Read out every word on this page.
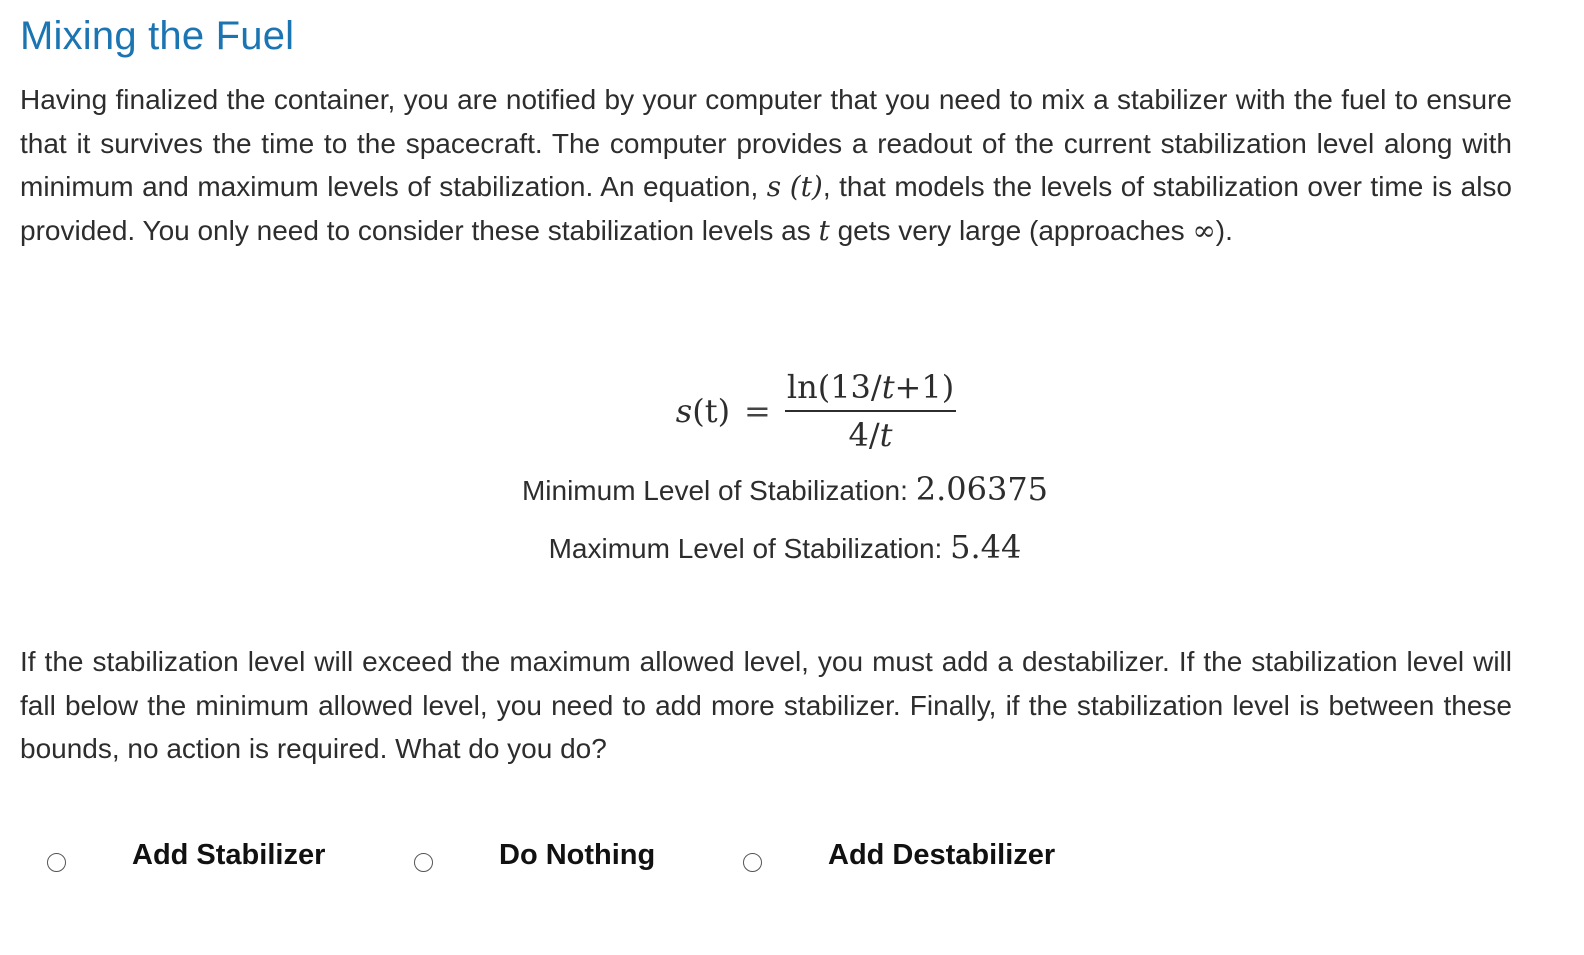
Mixing the Fuel
Having finalized the container, you are notified by your computer that you need to mix a stabilizer with the fuel to ensure that it survives the time to the spacecraft. The computer provides a readout of the current stabilization level along with minimum and maximum levels of stabilization. An equation, s (t), that models the levels of stabilization over time is also provided. You only need to consider these stabilization levels as t gets very large (approaches ∞).
$s(t) = \frac{\ln(13/t+1)}{4/t}$
Minimum Level of Stabilization: 2.06375
Maximum Level of Stabilization: 5.44
If the stabilization level will exceed the maximum allowed level, you must add a destabilizer. If the stabilization level will fall below the minimum allowed level, you need to add more stabilizer. Finally, if the stabilization level is between these bounds, no action is required. What do you do?
Add Stabilizer	Do Nothing	Add Destabilizer
